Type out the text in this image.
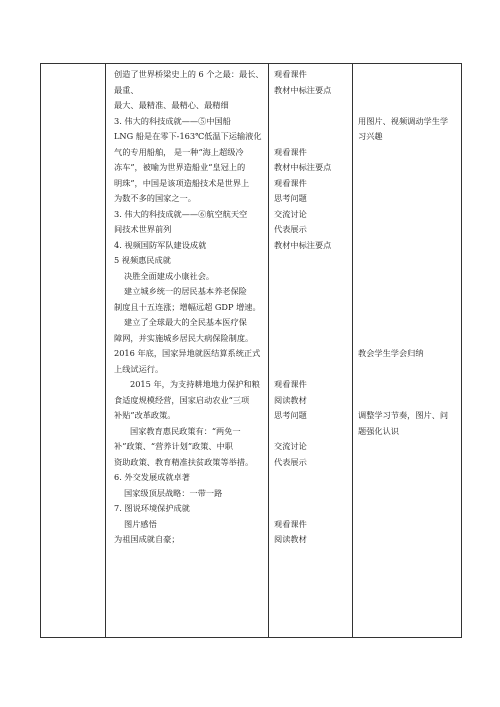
创造了世界桥梁史上的 6 个之最：最长、
最重、
最大、最精准、最精心、最精细
3. 伟大的科技成就——⑤中国船
LNG 船是在零下-163℃低温下运输液化
气的专用船舶， 是一种“海上超级冷
冻车”，被喻为世界造船业“皇冠上的
明珠”，中国是该项造船技术是世界上
为数不多的国家之一。
3. 伟大的科技成就——⑥航空航天空
间技术世界前列
4. 视频国防军队建设成就
5 视频惠民成就
决胜全面建成小康社会。
建立城乡统一的居民基本养老保险
制度且十五连涨；增幅远超 GDP 增速。
建立了全球最大的全民基本医疗保
障网，并实施城乡居民大病保险制度。
2016 年底，国家异地就医结算系统正式
上线试运行。
2015 年，为支持耕地地力保护和粮
食适度规模经营，国家启动农业“三项
补贴”改革政策。
国家教育惠民政策有：“两免一
补”政策、“营养计划”政策、中职
资助政策、教育精准扶贫政策等举措。
6. 外交发展成就卓著
国家级顶层战略：一带一路
7. 图说环境保护成就
图片感悟
为祖国成就自豪；
观看课件
教材中标注要点
观看课件
教材中标注要点
观看课件
思考问题
交流讨论
代表展示
教材中标注要点
观看课件
阅读教材
思考问题
交流讨论
代表展示
观看课件
阅读教材
用图片、视频调动学生学
习兴趣
教会学生学会归纳
调整学习节奏，图片、问
题强化认识
